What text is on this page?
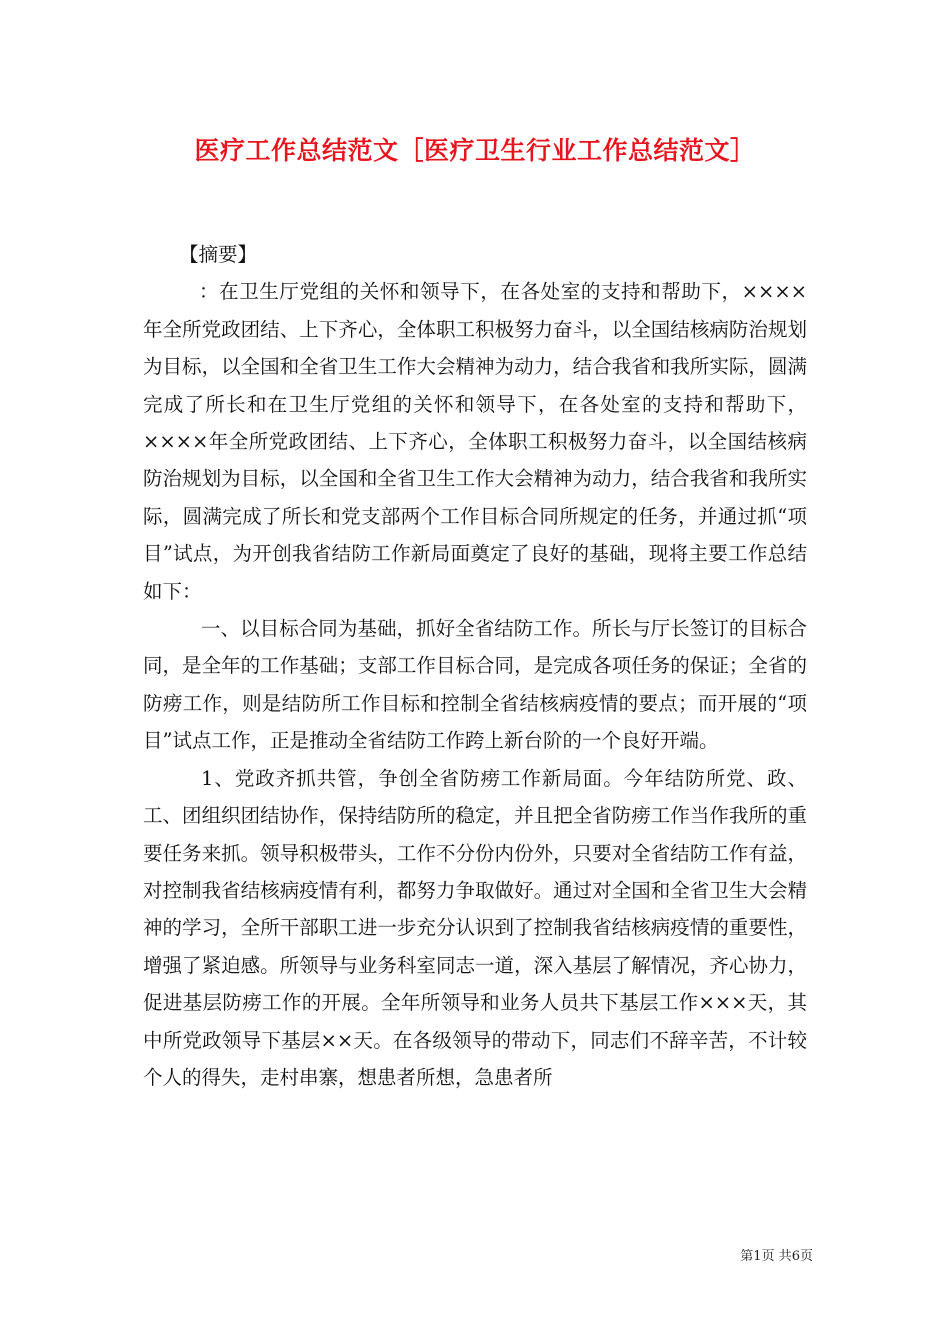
医疗工作总结范文［医疗卫生行业工作总结范文］

【摘要】

：在卫生厅党组的关怀和领导下，在各处室的支持和帮助下，××××年全所党政团结、上下齐心，全体职工积极努力奋斗，以全国结核病防治规划为目标，以全国和全省卫生工作大会精神为动力，结合我省和我所实际，圆满完成了所长和在卫生厅党组的关怀和领导下，在各处室的支持和帮助下，××××年全所党政团结、上下齐心，全体职工积极努力奋斗，以全国结核病防治规划为目标，以全国和全省卫生工作大会精神为动力，结合我省和我所实际，圆满完成了所长和党支部两个工作目标合同所规定的任务，并通过抓“项目”试点，为开创我省结防工作新局面奠定了良好的基础，现将主要工作总结如下：

一、以目标合同为基础，抓好全省结防工作。所长与厅长签订的目标合同，是全年的工作基础；支部工作目标合同，是完成各项任务的保证；全省的防痨工作，则是结防所工作目标和控制全省结核病疫情的要点；而开展的“项目”试点工作，正是推动全省结防工作跨上新台阶的一个良好开端。

1、党政齐抓共管，争创全省防痨工作新局面。今年结防所党、政、工、团组织团结协作，保持结防所的稳定，并且把全省防痨工作当作我所的重要任务来抓。领导积极带头，工作不分份内份外，只要对全省结防工作有益，对控制我省结核病疫情有利，都努力争取做好。通过对全国和全省卫生大会精神的学习，全所干部职工进一步充分认识到了控制我省结核病疫情的重要性，增强了紧迫感。所领导与业务科室同志一道，深入基层了解情况，齐心协力，促进基层防痨工作的开展。全年所领导和业务人员共下基层工作×××天，其中所党政领导下基层××天。在各级领导的带动下，同志们不辞辛苦，不计较个人的得失，走村串寨，想患者所想，急患者所

第1页 共6页
